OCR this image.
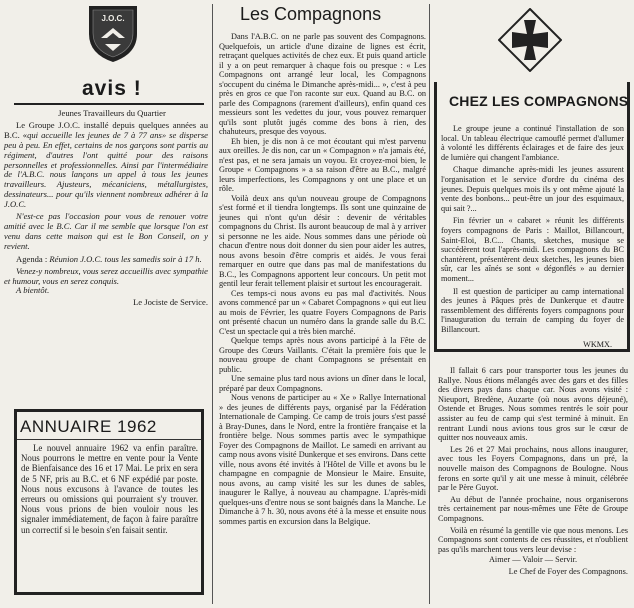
J.O.C.
avis !

Jeunes Travailleurs du Quartier

Le Groupe J.O.C. installé depuis quelques années au B.C. «qui accueille les jeunes de 7 à 77 ans» se disperse peu à peu. En effet, certains de nos garçons sont partis au régiment, d'autres l'ont quitté pour des raisons personnelles et professionnelles. Ainsi par l'intermédiaire de l'A.B.C. nous lançons un appel à tous les jeunes travailleurs. Ajusteurs, mécaniciens, métallurgistes, dessinateurs... pour qu'ils viennent nombreux adhérer à la J.O.C.

N'est-ce pas l'occasion pour vous de renouer votre amitié avec le B.C. Car il me semble que lorsque l'on est venu dans cette maison qui est le Bon Conseil, on y revient.

Agenda : Réunion J.O.C. tous les samedis soir à 17 h.

Venez-y nombreux, vous serez accueillis avec sympathie et humour, vous en serez conquis.

A bientôt.

Le Jociste de Service.

ANNUAIRE 1962

Le nouvel annuaire 1962 va enfin paraître. Nous pourrons le mettre en vente pour la Vente de Bienfaisance des 16 et 17 Mai. Le prix en sera de 5 NF, pris au B.C. et 6 NF expédié par poste. Nous nous excusons à l'avance de toutes les erreurs ou omissions qui pourraient s'y trouver. Nous vous prions de bien vouloir nous les signaler immédiatement, de façon à faire paraître un correctif si le besoin s'en faisait sentir.

Les Compagnons

Dans l'A.B.C. on ne parle pas souvent des Compagnons. Quelquefois, un article d'une dizaine de lignes est écrit, retraçant quelques activités de chez eux. Et puis quand article il y a on peut remarquer à chaque fois ou presque : « Les Compagnons ont arrangé leur local, les Compagnons s'occupent du cinéma le Dimanche après-midi... », c'est à peu près en gros ce que l'on raconte sur eux. Quand au B.C. on parle des Compagnons (rarement d'ailleurs), enfin quand ces messieurs sont les vedettes du jour, vous pouvez remarquer qu'ils sont plutôt jugés comme des bons à rien, des chahuteurs, presque des voyous.

Eh bien, je dis non à ce mot écoutant qui m'est parvenu aux oreilles. Je dis non, car un « Compagnon » n'a jamais été, n'est pas, et ne sera jamais un voyou. Et croyez-moi bien, le Groupe « Compagnons » a sa raison d'être au B.C., malgré leurs imperfections, les Compagnons y ont une place et un rôle.

Voilà deux ans qu'un nouveau groupe de Compagnons s'est formé et il tiendra longtemps. Ils sont une quinzaine de jeunes qui n'ont qu'un désir : devenir de véritables compagnons du Christ. Ils auront beaucoup de mal à y arriver si personne ne les aide. Nous sommes dans une période où chacun d'entre nous doit donner du sien pour aider les autres, nous avons besoin d'être compris et aidés. Je vous ferai remarquer en outre que dans pas mal de manifestations du B.C., les Compagnons apportent leur concours. Un petit mot gentil leur ferait tellement plaisir et surtout les encouragerait.

Ces temps-ci nous avons eu pas mal d'activités. Nous avons commencé par un « Cabaret Compagnons » qui eut lieu au mois de Février, les quatre Foyers Compagnons de Paris ont présenté chacun un numéro dans la grande salle du B.C. C'est un spectacle qui a très bien marché.

Quelque temps après nous avons participé à la Fête de Groupe des Cœurs Vaillants. C'était la première fois que le nouveau groupe de chant Compagnons se présentait en public.

Une semaine plus tard nous avions un dîner dans le local, préparé par deux Compagnons.

Nous venons de participer au « Xe » Rallye International » des jeunes de différents pays, organisé par la Fédération Internationale de Camping. Ce camp de trois jours s'est passé à Bray-Dunes, dans le Nord, entre la frontière française et la frontière belge. Nous sommes partis avec le sympathique Foyer des Compagnons de Maillot. Le samedi en arrivant au camp nous avons visité Dunkerque et ses environs. Dans cette ville, nous avons été invités à l'Hôtel de Ville et avons bu le champagne en compagnie de Monsieur le Maire. Ensuite, nous avons, au camp visité les sur les dunes de sables, inaugurer le Rallye, à nouveau au champagne. L'après-midi quelques-uns d'entre nous se sont baignés dans la Manche. Le Dimanche à 7 h. 30, nous avons été à la messe et ensuite nous sommes partis en excursion dans la Belgique.

CHEZ LES COMPAGNONS

Le groupe jeune a continué l'installation de son local. Un tableau électrique camouflé permet d'allumer à volonté les différents éclairages et de faire des jeux de lumière qui changent l'ambiance.

Chaque dimanche après-midi les jeunes assurent l'organisation et le service d'ordre du cinéma des jeunes. Depuis quelques mois ils y ont même ajouté la vente des bonbons... peut-être un jour des esquimaux, qui sait ?...

Fin février un « cabaret » réunit les différents foyers compagnons de Paris : Maillot, Billancourt, Saint-Eloi, B.C... Chants, sketches, musique se succédèrent tout l'après-midi. Les compagnons du BC chantèrent, présentèrent deux sketches, les jeunes bien sûr, car les aînés se sont « dégonflés » au dernier moment...

Il est question de participer au camp international des jeunes à Pâques près de Dunkerque et d'autre rassemblement des différents foyers compagnons pour l'inauguration du terrain de camping du foyer de Billancourt.

WKMX.

Il fallait 6 cars pour transporter tous les jeunes du Rallye. Nous étions mélangés avec des gars et des filles des divers pays dans chaque car. Nous avons visité : Nieuport, Bredène, Auzarte (où nous avons déjeuné), Ostende et Bruges. Nous sommes rentrés le soir pour assister au feu de camp qui s'est terminé à minuit. En rentrant Lundi nous avions tous gros sur le cœur de quitter nos nouveaux amis.

Les 26 et 27 Mai prochains, nous allons inaugurer, avec tous les Foyers Compagnons, dans un pré, la nouvelle maison des Compagnons de Boulogne. Nous ferons en sorte qu'il y ait une messe à minuit, célébrée par le Père Guyot.

Au début de l'année prochaine, nous organiserons très certainement par nous-mêmes une Fête de Groupe Compagnons.

Voilà en résumé la gentille vie que nous menons. Les Compagnons sont contents de ces réussites, et n'oublient pas qu'ils marchent tous vers leur devise :

Aimer — Valoir — Servir.

Le Chef de Foyer des Compagnons.
